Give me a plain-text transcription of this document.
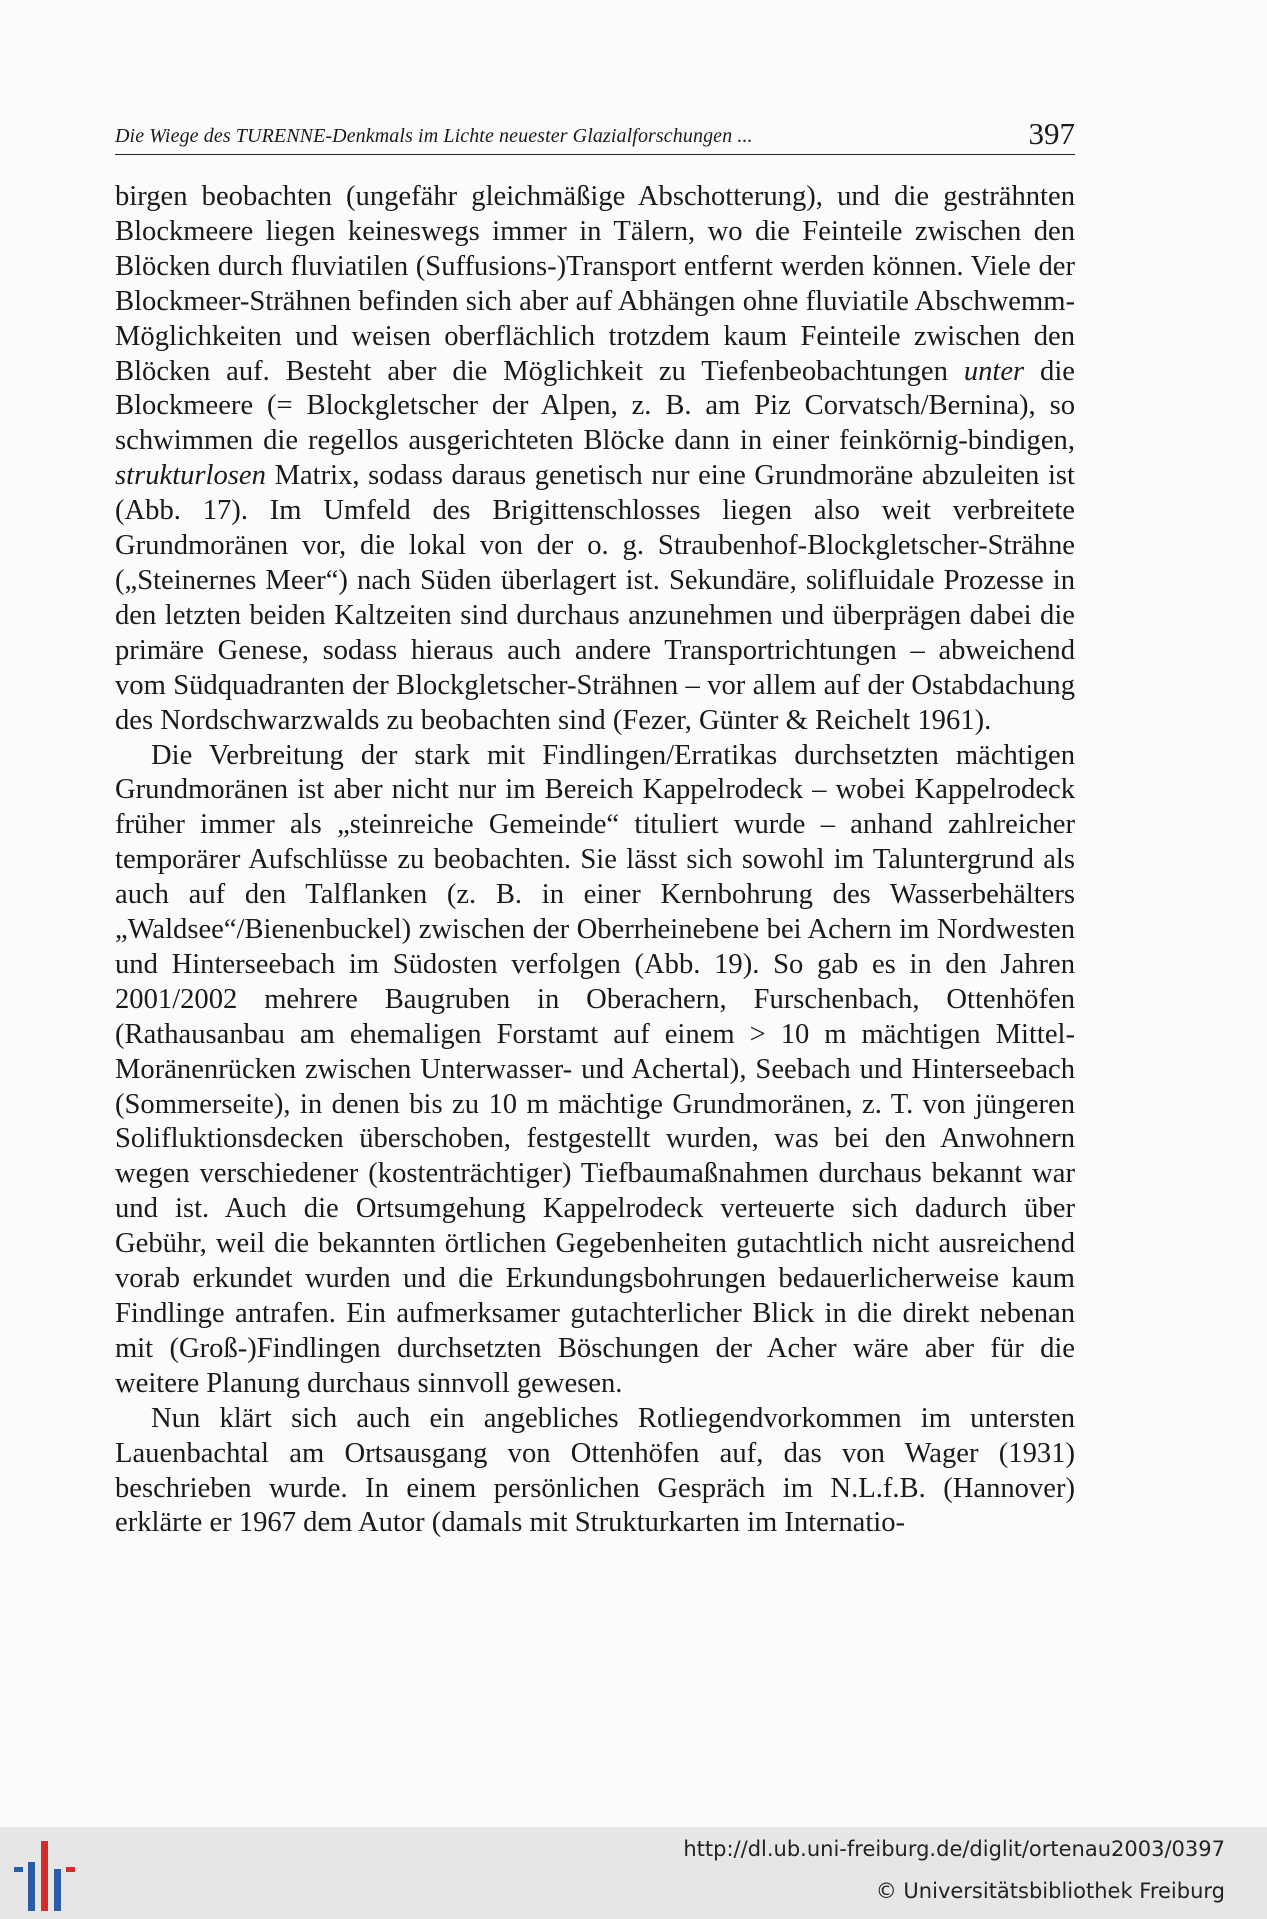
Die Wiege des TURENNE-Denkmals im Lichte neuester Glazialforschungen ...	397

birgen beobachten (ungefähr gleichmäßige Abschotterung), und die gesträhnten Blockmeere liegen keineswegs immer in Tälern, wo die Feinteile zwischen den Blöcken durch fluviatilen (Suffusions-)Transport entfernt werden können. Viele der Blockmeer-Strähnen befinden sich aber auf Abhängen ohne fluviatile Abschwemm-Möglichkeiten und weisen oberflächlich trotzdem kaum Feinteile zwischen den Blöcken auf. Besteht aber die Möglichkeit zu Tiefenbeobachtungen unter die Blockmeere (= Blockgletscher der Alpen, z. B. am Piz Corvatsch/Bernina), so schwimmen die regellos ausgerichteten Blöcke dann in einer feinkörnig-bindigen, strukturlosen Matrix, sodass daraus genetisch nur eine Grundmoräne abzuleiten ist (Abb. 17). Im Umfeld des Brigittenschlosses liegen also weit verbreitete Grundmoränen vor, die lokal von der o. g. Straubenhof-Blockgletscher-Strähne („Steinernes Meer“) nach Süden überlagert ist. Sekundäre, solifluidale Prozesse in den letzten beiden Kaltzeiten sind durchaus anzunehmen und überprägen dabei die primäre Genese, sodass hieraus auch andere Transportrichtungen – abweichend vom Südquadranten der Blockgletscher-Strähnen – vor allem auf der Ostabdachung des Nordschwarzwalds zu beobachten sind (Fezer, Günter & Reichelt 1961).

Die Verbreitung der stark mit Findlingen/Erratikas durchsetzten mächtigen Grundmoränen ist aber nicht nur im Bereich Kappelrodeck – wobei Kappelrodeck früher immer als „steinreiche Gemeinde“ tituliert wurde – anhand zahlreicher temporärer Aufschlüsse zu beobachten. Sie lässt sich sowohl im Taluntergrund als auch auf den Talflanken (z. B. in einer Kernbohrung des Wasserbehälters „Waldsee“/Bienenbuckel) zwischen der Oberrheinebene bei Achern im Nordwesten und Hinterseebach im Südosten verfolgen (Abb. 19). So gab es in den Jahren 2001/2002 mehrere Baugruben in Oberachern, Furschenbach, Ottenhöfen (Rathausanbau am ehemaligen Forstamt auf einem > 10 m mächtigen Mittel-Moränenrücken zwischen Unterwasser- und Achertal), Seebach und Hinterseebach (Sommerseite), in denen bis zu 10 m mächtige Grundmoränen, z. T. von jüngeren Solifluktionsdecken überschoben, festgestellt wurden, was bei den Anwohnern wegen verschiedener (kostenträchtiger) Tiefbaumaßnahmen durchaus bekannt war und ist. Auch die Ortsumgehung Kappelrodeck verteuerte sich dadurch über Gebühr, weil die bekannten örtlichen Gegebenheiten gutachtlich nicht ausreichend vorab erkundet wurden und die Erkundungsbohrungen bedauerlicherweise kaum Findlinge antrafen. Ein aufmerksamer gutachterlicher Blick in die direkt nebenan mit (Groß-)Findlingen durchsetzten Böschungen der Acher wäre aber für die weitere Planung durchaus sinnvoll gewesen.

Nun klärt sich auch ein angebliches Rotliegendvorkommen im untersten Lauenbachtal am Ortsausgang von Ottenhöfen auf, das von Wager (1931) beschrieben wurde. In einem persönlichen Gespräch im N.L.f.B. (Hannover) erklärte er 1967 dem Autor (damals mit Strukturkarten im Internatio-

http://dl.ub.uni-freiburg.de/diglit/ortenau2003/0397
© Universitätsbibliothek Freiburg
